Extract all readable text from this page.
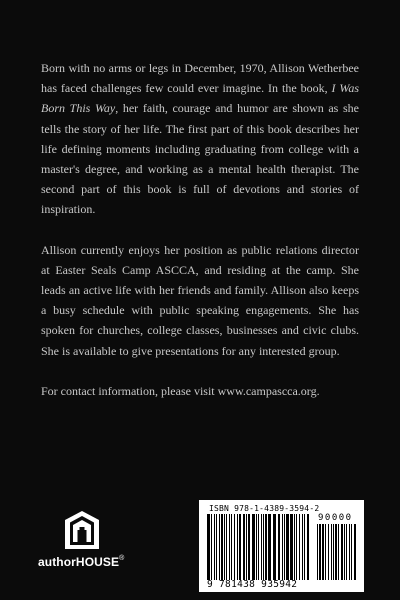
Born with no arms or legs in December, 1970, Allison Wetherbee has faced challenges few could ever imagine. In the book, I Was Born This Way, her faith, courage and humor are shown as she tells the story of her life. The first part of this book describes her life defining moments including graduating from college with a master's degree, and working as a mental health therapist. The second part of this book is full of devotions and stories of inspiration.

Allison currently enjoys her position as public relations director at Easter Seals Camp ASCCA, and residing at the camp. She leads an active life with her friends and family. Allison also keeps a busy schedule with public speaking engagements. She has spoken for churches, college classes, businesses and civic clubs. She is available to give presentations for any interested group.

For contact information, please visit www.campascca.org.

authorHOUSE®
ISBN 978-1-4389-3594-2
90000
9 781438 935942
